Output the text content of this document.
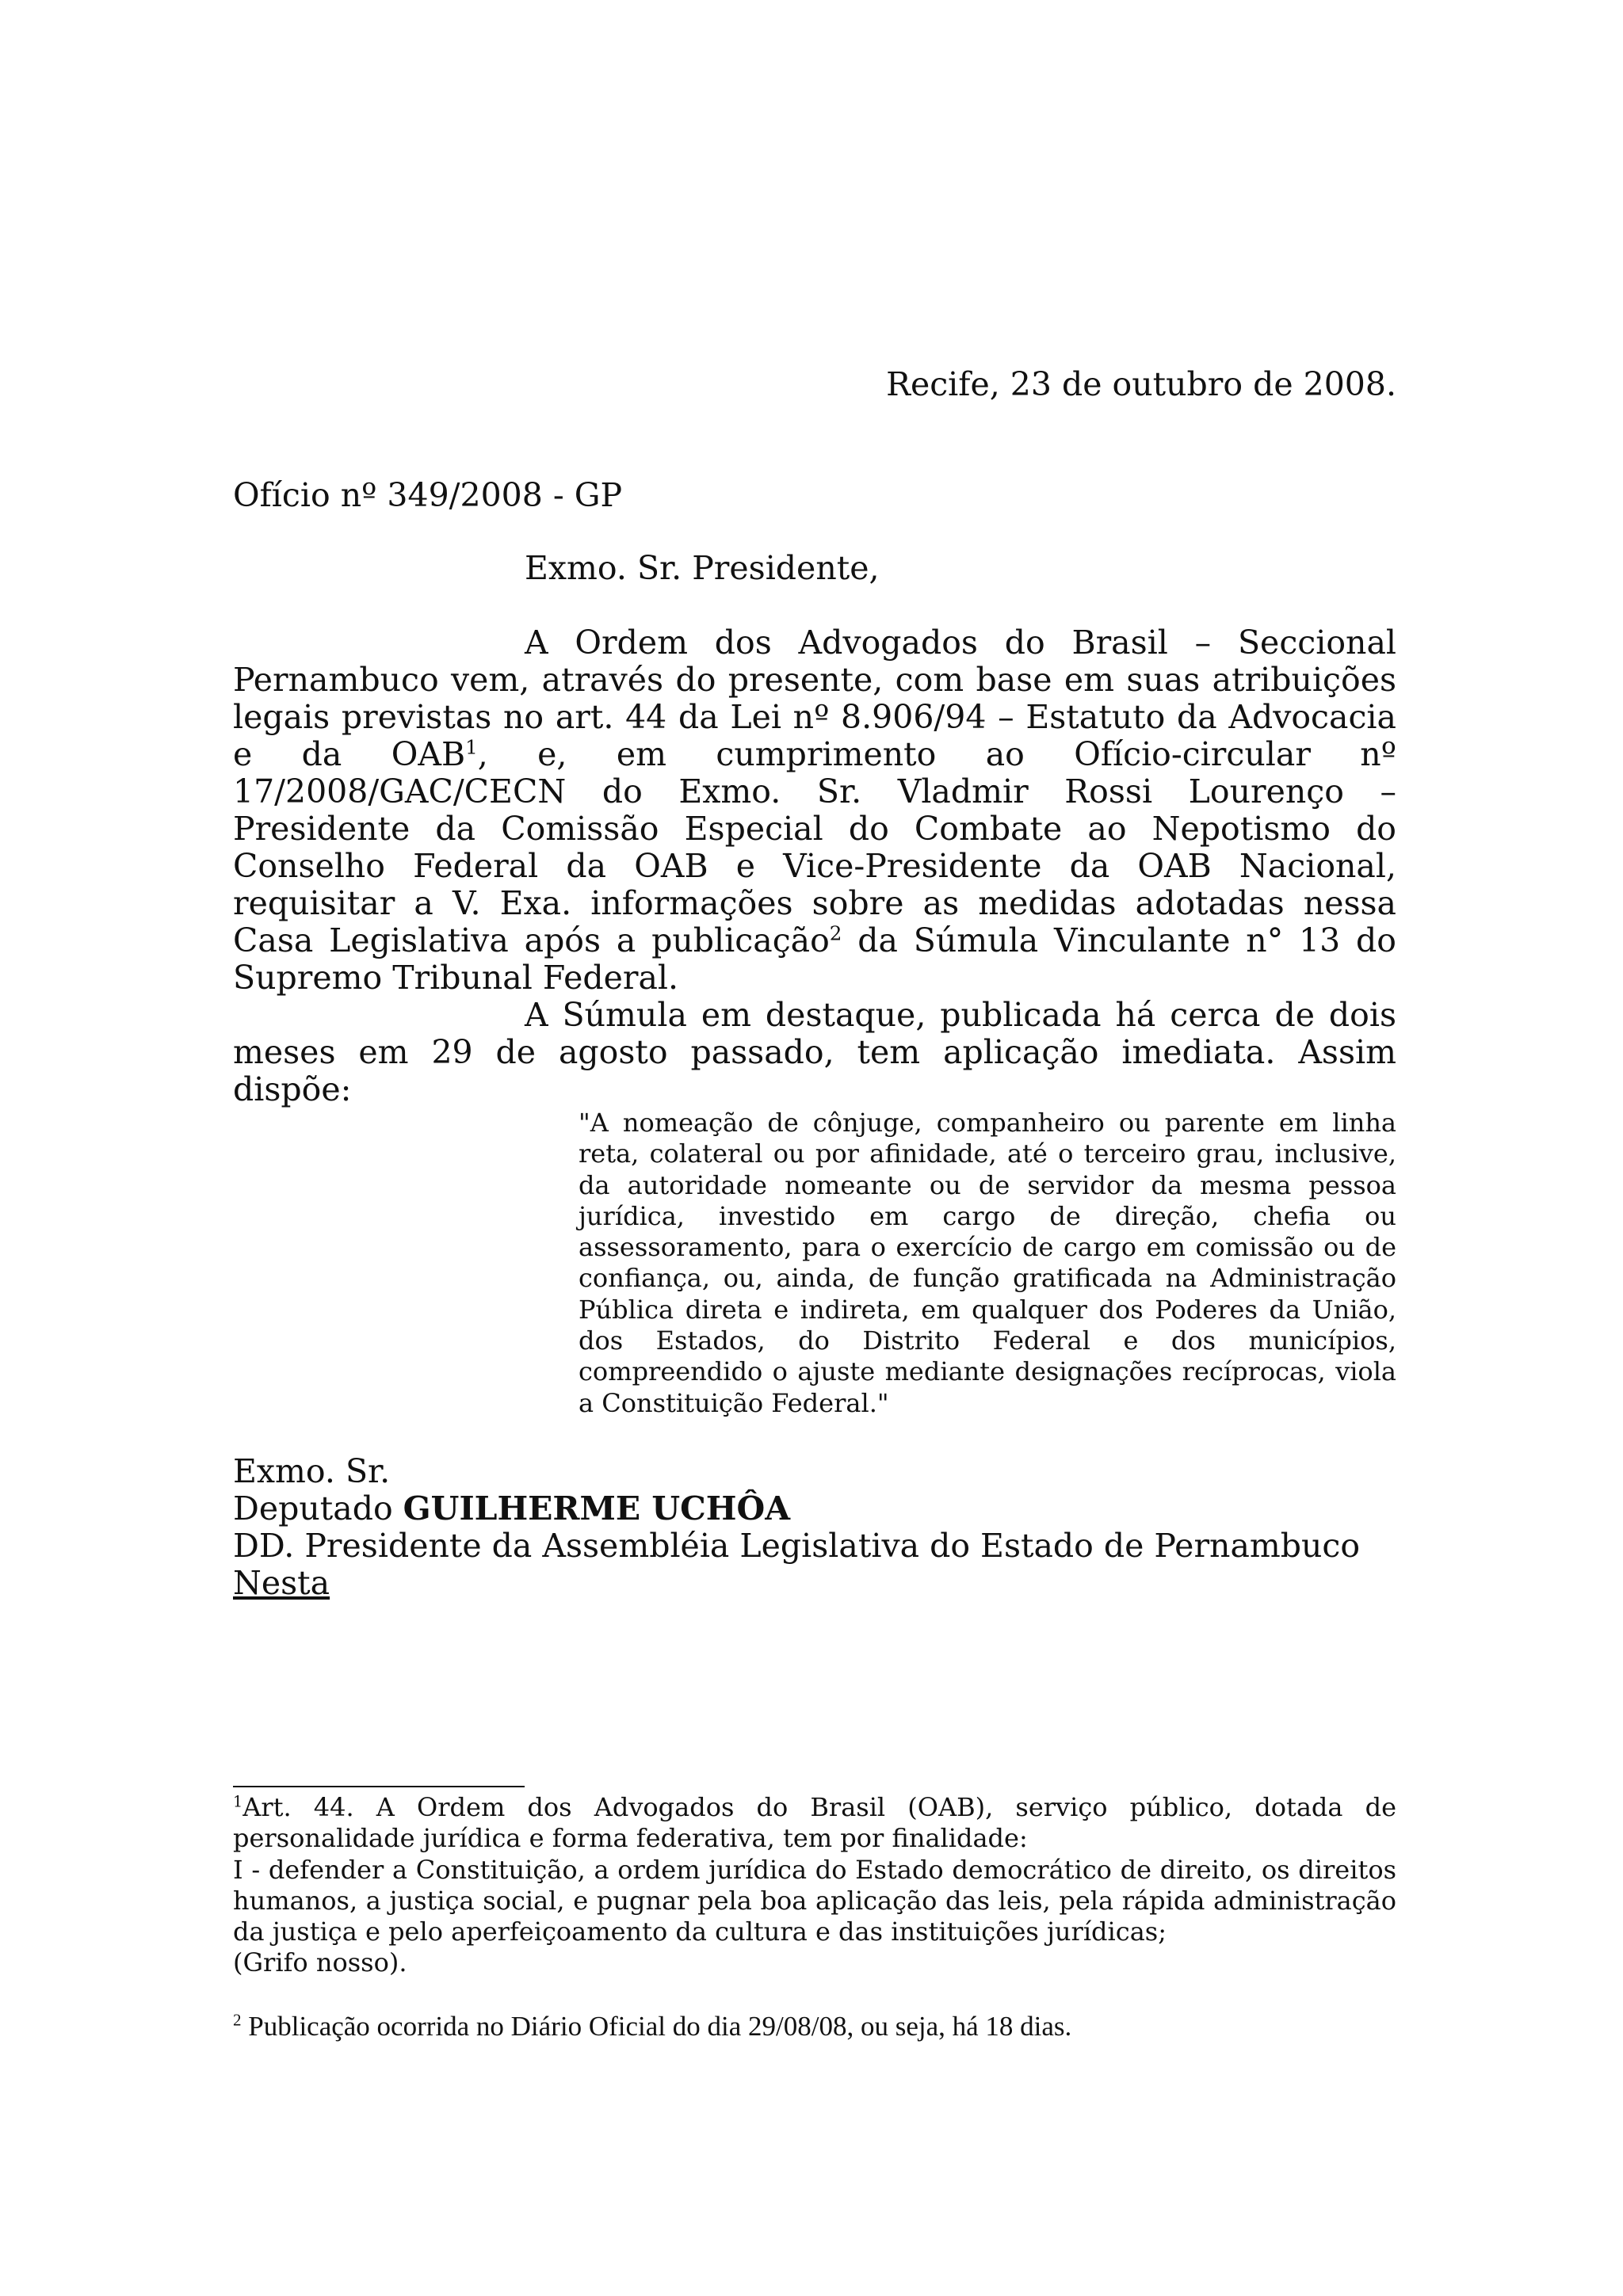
Recife, 23 de outubro de 2008.
Ofício nº 349/2008 - GP
Exmo. Sr. Presidente,

A Ordem dos Advogados do Brasil – Seccional Pernambuco vem, através do presente, com base em suas atribuições legais previstas no art. 44 da Lei nº 8.906/94 – Estatuto da Advocacia e da OAB$^1$, e, em cumprimento ao Ofício-circular nº 17/2008/GAC/CECN do Exmo. Sr. Vladmir Rossi Lourenço – Presidente da Comissão Especial do Combate ao Nepotismo do Conselho Federal da OAB e Vice-Presidente da OAB Nacional, requisitar a V. Exa. informações sobre as medidas adotadas nessa Casa Legislativa após a publicação$^2$ da Súmula Vinculante n° 13 do Supremo Tribunal Federal.

A Súmula em destaque, publicada há cerca de dois meses em 29 de agosto passado, tem aplicação imediata. Assim dispõe:

"A nomeação de cônjuge, companheiro ou parente em linha reta, colateral ou por afinidade, até o terceiro grau, inclusive, da autoridade nomeante ou de servidor da mesma pessoa jurídica, investido em cargo de direção, chefia ou assessoramento, para o exercício de cargo em comissão ou de confiança, ou, ainda, de função gratificada na Administração Pública direta e indireta, em qualquer dos Poderes da União, dos Estados, do Distrito Federal e dos municípios, compreendido o ajuste mediante designações recíprocas, viola a Constituição Federal."

Exmo. Sr.
Deputado GUILHERME UCHÔA
DD. Presidente da Assembléia Legislativa do Estado de Pernambuco
Nesta

$^1$Art. 44. A Ordem dos Advogados do Brasil (OAB), serviço público, dotada de personalidade jurídica e forma federativa, tem por finalidade:

I - defender a Constituição, a ordem jurídica do Estado democrático de direito, os direitos humanos, a justiça social, e pugnar pela boa aplicação das leis, pela rápida administração da justiça e pelo aperfeiçoamento da cultura e das instituições jurídicas;

(Grifo nosso).

$^2$ Publicação ocorrida no Diário Oficial do dia 29/08/08, ou seja, há 18 dias.
